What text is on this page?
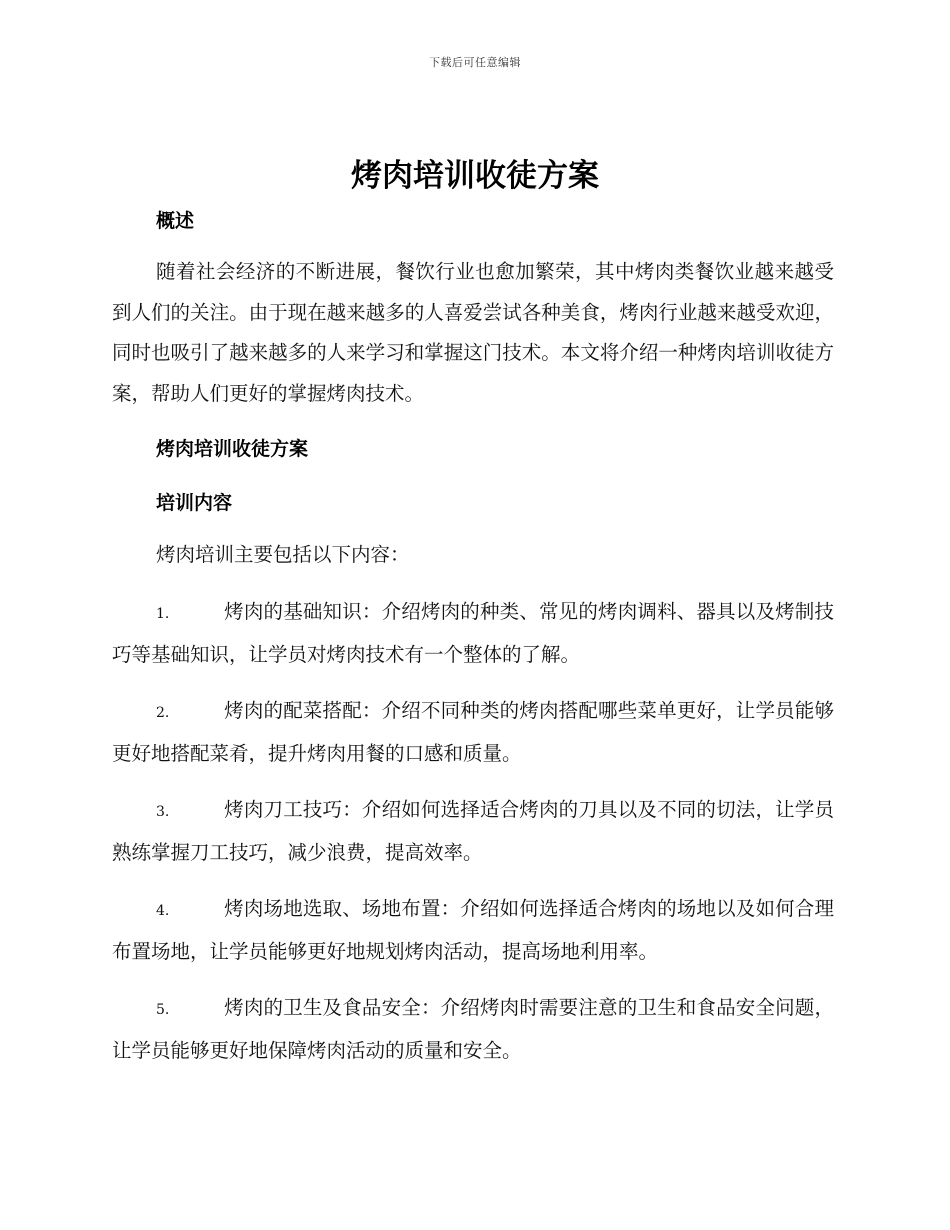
下载后可任意编辑
烤肉培训收徒方案
概述

随着社会经济的不断进展，餐饮行业也愈加繁荣，其中烤肉类餐饮业越来越受到人们的关注。由于现在越来越多的人喜爱尝试各种美食，烤肉行业越来越受欢迎，同时也吸引了越来越多的人来学习和掌握这门技术。本文将介绍一种烤肉培训收徒方案，帮助人们更好的掌握烤肉技术。

烤肉培训收徒方案
培训内容

烤肉培训主要包括以下内容：

1.	烤肉的基础知识：介绍烤肉的种类、常见的烤肉调料、器具以及烤制技巧等基础知识，让学员对烤肉技术有一个整体的了解。

2.	烤肉的配菜搭配：介绍不同种类的烤肉搭配哪些菜单更好，让学员能够更好地搭配菜肴，提升烤肉用餐的口感和质量。

3.	烤肉刀工技巧：介绍如何选择适合烤肉的刀具以及不同的切法，让学员熟练掌握刀工技巧，减少浪费，提高效率。

4.	烤肉场地选取、场地布置：介绍如何选择适合烤肉的场地以及如何合理布置场地，让学员能够更好地规划烤肉活动，提高场地利用率。

5.	烤肉的卫生及食品安全：介绍烤肉时需要注意的卫生和食品安全问题，让学员能够更好地保障烤肉活动的质量和安全。
